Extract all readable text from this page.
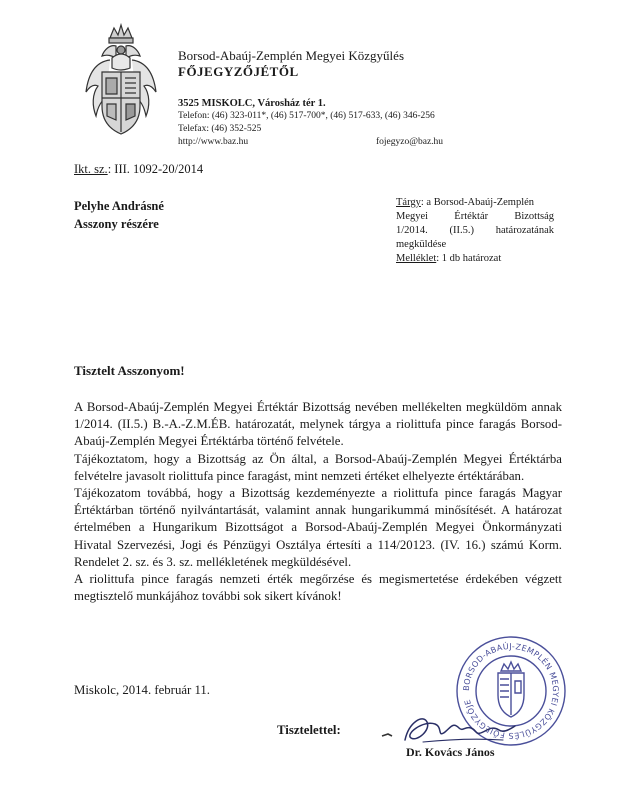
Borsod-Abaúj-Zemplén Megyei Közgyűlés
FŐJEGYZŐJÉTŐL
3525 MISKOLC, Városház tér 1.
Telefon: (46) 323-011*, (46) 517-700*, (46) 517-633, (46) 346-256
Telefax: (46) 352-525
http://www.baz.hu	fojegyzo@baz.hu
Ikt. sz.: III. 1092-20/2014
Pelyhe Andrásné
Asszony részére
Tárgy: a Borsod-Abaúj-Zemplén
Megyei Értéktár Bizottság
1/2014. (II.5.) határozatának
megküldése
Melléklet: 1 db határozat
Tisztelt Asszonyom!

A Borsod-Abaúj-Zemplén Megyei Értéktár Bizottság nevében mellékelten megküldöm annak 1/2014. (II.5.) B.-A.-Z.M.ÉB. határozatát, melynek tárgya a riolittufa pince faragás Borsod-Abaúj-Zemplén Megyei Értéktárba történő felvétele.

Tájékoztatom, hogy a Bizottság az Ön által, a Borsod-Abaúj-Zemplén Megyei Értéktárba felvételre javasolt riolittufa pince faragást, mint nemzeti értéket elhelyezte értéktárában.

Tájékozatom továbbá, hogy a Bizottság kezdeményezte a riolittufa pince faragás Magyar Értéktárban történő nyilvántartását, valamint annak hungarikummá minősítését. A határozat értelmében a Hungarikum Bizottságot a Borsod-Abaúj-Zemplén Megyei Önkormányzati Hivatal Szervezési, Jogi és Pénzügyi Osztálya értesíti a 114/20123. (IV. 16.) számú Korm. Rendelet 2. sz. és 3. sz. mellékletének megküldésével.

A riolittufa pince faragás nemzeti érték megőrzése és megismertetése érdekében végzett megtisztelő munkájához további sok sikert kívánok!

Miskolc, 2014. február 11.
Tisztelettel:
BORSOD-ABAÚJ-ZEMPLÉN MEGYEI KÖZGYŰLÉS FŐJEGYZŐJE
Dr. Kovács János
